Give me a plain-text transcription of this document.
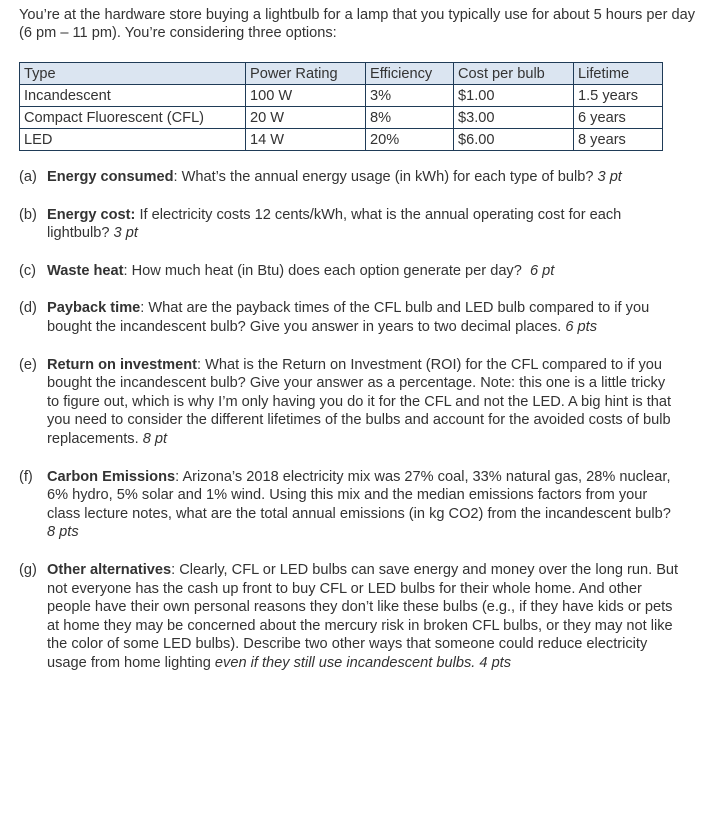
You’re at the hardware store buying a lightbulb for a lamp that you typically use for about 5 hours per day (6 pm – 11 pm). You’re considering three options:

Type	Power Rating	Efficiency	Cost per bulb	Lifetime
Incandescent	100 W	3%	$1.00	1.5 years
Compact Fluorescent (CFL)	20 W	8%	$3.00	6 years
LED	14 W	20%	$6.00	8 years
(a) Energy consumed: What’s the annual energy usage (in kWh) for each type of bulb? 3 pt
(b) Energy cost: If electricity costs 12 cents/kWh, what is the annual operating cost for each lightbulb? 3 pt
(c) Waste heat: How much heat (in Btu) does each option generate per day?  6 pt
(d) Payback time: What are the payback times of the CFL bulb and LED bulb compared to if you bought the incandescent bulb? Give you answer in years to two decimal places. 6 pts
(e) Return on investment: What is the Return on Investment (ROI) for the CFL compared to if you bought the incandescent bulb? Give your answer as a percentage. Note: this one is a little tricky to figure out, which is why I’m only having you do it for the CFL and not the LED. A big hint is that you need to consider the different lifetimes of the bulbs and account for the avoided costs of bulb replacements. 8 pt
(f) Carbon Emissions: Arizona’s 2018 electricity mix was 27% coal, 33% natural gas, 28% nuclear, 6% hydro, 5% solar and 1% wind. Using this mix and the median emissions factors from your class lecture notes, what are the total annual emissions (in kg CO2) from the incandescent bulb? 8 pts
(g) Other alternatives: Clearly, CFL or LED bulbs can save energy and money over the long run. But not everyone has the cash up front to buy CFL or LED bulbs for their whole home. And other people have their own personal reasons they don’t like these bulbs (e.g., if they have kids or pets at home they may be concerned about the mercury risk in broken CFL bulbs, or they may not like the color of some LED bulbs). Describe two other ways that someone could reduce electricity usage from home lighting even if they still use incandescent bulbs. 4 pts
